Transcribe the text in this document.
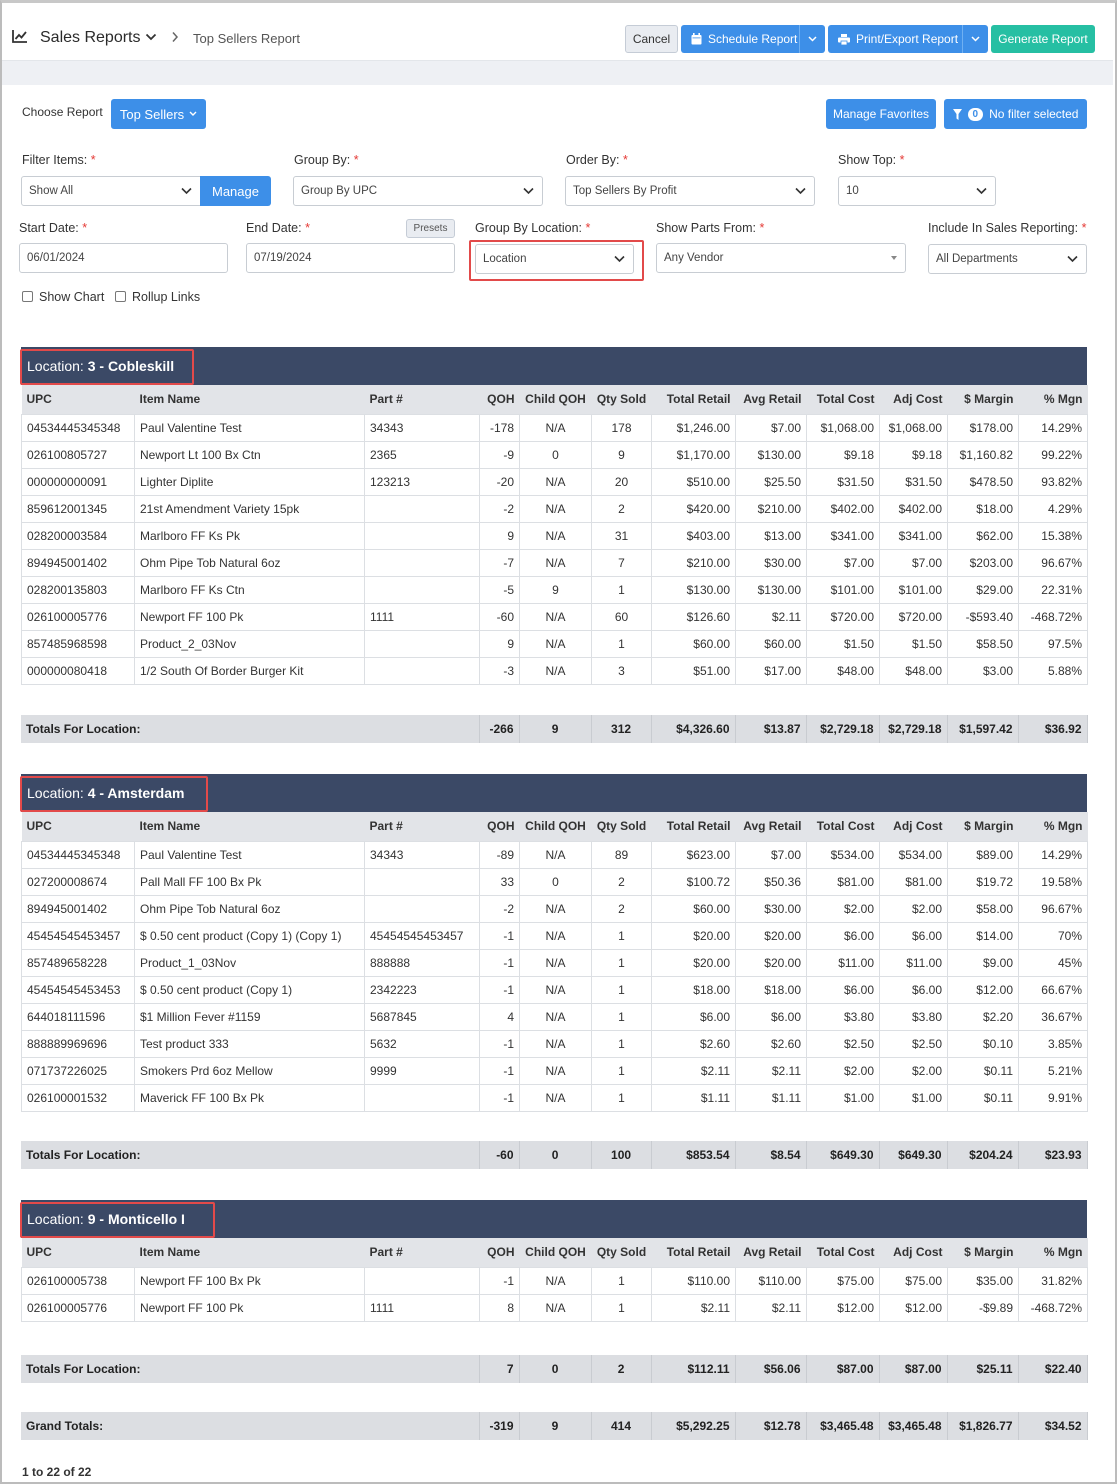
Sales Reports	Top Sellers Report	Cancel	Schedule Report	Print/Export Report	Generate Report
Choose Report Top Sellers	Manage Favorites	0 No filter selected
Filter Items: *
Show All	Manage
Group By: *
Group By UPC
Order By: *
Top Sellers By Profit
Show Top: *
10
Start Date: *
06/01/2024
End Date: *	Presets
07/19/2024
Group By Location: *
Location
Show Parts From: *
Any Vendor
Include In Sales Reporting: *
All Departments
Show Chart Rollup Links
Location: 3 - Cobleskill
UPC	Item Name	Part #	QOH	Child QOH	Qty Sold	Total Retail	Avg Retail	Total Cost	Adj Cost	$ Margin	% Mgn
04534445345348	Paul Valentine Test	34343	-178	N/A	178	$1,246.00	$7.00	$1,068.00	$1,068.00	$178.00	14.29%
026100805727	Newport Lt 100 Bx Ctn	2365	-9	0	9	$1,170.00	$130.00	$9.18	$9.18	$1,160.82	99.22%
000000000091	Lighter Diplite	123213	-20	N/A	20	$510.00	$25.50	$31.50	$31.50	$478.50	93.82%
859612001345	21st Amendment Variety 15pk		-2	N/A	2	$420.00	$210.00	$402.00	$402.00	$18.00	4.29%
028200003584	Marlboro FF Ks Pk		9	N/A	31	$403.00	$13.00	$341.00	$341.00	$62.00	15.38%
894945001402	Ohm Pipe Tob Natural 6oz		-7	N/A	7	$210.00	$30.00	$7.00	$7.00	$203.00	96.67%
028200135803	Marlboro FF Ks Ctn		-5	9	1	$130.00	$130.00	$101.00	$101.00	$29.00	22.31%
026100005776	Newport FF 100 Pk	1111	-60	N/A	60	$126.60	$2.11	$720.00	$720.00	-$593.40	-468.72%
857485968598	Product_2_03Nov		9	N/A	1	$60.00	$60.00	$1.50	$1.50	$58.50	97.5%
000000080418	1/2 South Of Border Burger Kit		-3	N/A	3	$51.00	$17.00	$48.00	$48.00	$3.00	5.88%
Totals For Location:	-266	9	312	$4,326.60	$13.87	$2,729.18	$2,729.18	$1,597.42	$36.92
Location: 4 - Amsterdam
UPC	Item Name	Part #	QOH	Child QOH	Qty Sold	Total Retail	Avg Retail	Total Cost	Adj Cost	$ Margin	% Mgn
04534445345348	Paul Valentine Test	34343	-89	N/A	89	$623.00	$7.00	$534.00	$534.00	$89.00	14.29%
027200008674	Pall Mall FF 100 Bx Pk		33	0	2	$100.72	$50.36	$81.00	$81.00	$19.72	19.58%
894945001402	Ohm Pipe Tob Natural 6oz		-2	N/A	2	$60.00	$30.00	$2.00	$2.00	$58.00	96.67%
45454545453457	$ 0.50 cent product (Copy 1) (Copy 1)	45454545453457	-1	N/A	1	$20.00	$20.00	$6.00	$6.00	$14.00	70%
857489658228	Product_1_03Nov	888888	-1	N/A	1	$20.00	$20.00	$11.00	$11.00	$9.00	45%
45454545453453	$ 0.50 cent product (Copy 1)	2342223	-1	N/A	1	$18.00	$18.00	$6.00	$6.00	$12.00	66.67%
644018111596	$1 Million Fever #1159	5687845	4	N/A	1	$6.00	$6.00	$3.80	$3.80	$2.20	36.67%
888889969696	Test product 333	5632	-1	N/A	1	$2.60	$2.60	$2.50	$2.50	$0.10	3.85%
071737226025	Smokers Prd 6oz Mellow	9999	-1	N/A	1	$2.11	$2.11	$2.00	$2.00	$0.11	5.21%
026100001532	Maverick FF 100 Bx Pk		-1	N/A	1	$1.11	$1.11	$1.00	$1.00	$0.11	9.91%
Totals For Location:	-60	0	100	$853.54	$8.54	$649.30	$649.30	$204.24	$23.93
Location: 9 - Monticello I
UPC	Item Name	Part #	QOH	Child QOH	Qty Sold	Total Retail	Avg Retail	Total Cost	Adj Cost	$ Margin	% Mgn
026100005738	Newport FF 100 Bx Pk		-1	N/A	1	$110.00	$110.00	$75.00	$75.00	$35.00	31.82%
026100005776	Newport FF 100 Pk	1111	8	N/A	1	$2.11	$2.11	$12.00	$12.00	-$9.89	-468.72%
Totals For Location:	7	0	2	$112.11	$56.06	$87.00	$87.00	$25.11	$22.40
Grand Totals:	-319	9	414	$5,292.25	$12.78	$3,465.48	$3,465.48	$1,826.77	$34.52
1 to 22 of 22
